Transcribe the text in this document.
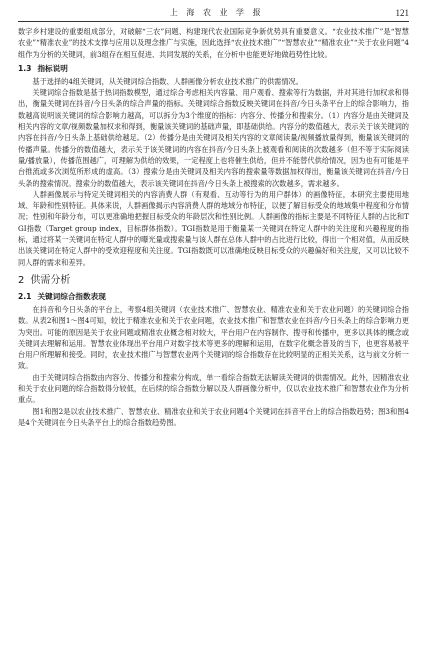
上 海 农 业 学 报	121

数字乡村建设的重要组成部分，对破解“三农”问题、构建现代农业国际竞争新优势具有重要意义。“农业技术推广”是“智慧农业”“精准农业”的技术支撑与应用以及理念推广与实施，因此选择“农业技术推广”“智慧农业”“精准农业”“关于农业问题”4组作为分析的关键词，前3组存在相互促进、共同发展的关系，在分析中也能更好地做趋势性比较。

1.3 指标说明

基于选择的4组关键词，从关键词综合指数、人群画像分析农业技术推广的供需情况。

关键词综合指数是基于热词指数模型，通过综合考虑相关内容量、用户观看、搜索等行为数据，并对其进行加权求和得出，衡量关键词在抖音/今日头条的综合声量的指标。关键词综合指数反映关键词在抖音/今日头条平台上的综合影响力，指数越高说明该关键词的综合影响力越高，可以拆分为3个维度的指标：内容分、传播分和搜索分。（1）内容分是由关键词及相关内容的文章/视频数量加权求和得到，衡量该关键词的基础声量，即基础供给。内容分的数值越大，表示关于该关键词的内容在抖音/今日头条上基础供给越足。（2）传播分是由关键词及相关内容的文章阅读量/视频播放量得到，衡量该关键词的传播声量。传播分的数值越大，表示关于该关键词的内容在抖音/今日头条上被观看和阅读的次数越多（但不等于实际阅读量/播放量），传播范围越广，可理解为供给的效果，一定程度上也将催生供给，但并不能替代供给情况，因为也有可能是平台推流或多次浏览所形成的虚高。（3）搜索分是由关键词及相关内容的搜索量等数据加权得出，衡量该关键词在抖音/今日头条的搜索情况。搜索分的数值越大，表示该关键词在抖音/今日头条上被搜索的次数越多，需求越多。

人群画像展示与特定关键词相关的内容消费人群（有观看、互动等行为的用户群体）的画像特征，本研究主要使用地域、年龄和性别特征。具体来说，人群画像揭示内容消费人群的地域分布特征，以便了解目标受众的地域集中程度和分布情况；性别和年龄分布，可以更准确地把握目标受众的年龄层次和性别比例。人群画像的指标主要是不同特征人群的占比和TGI指数（Target group index，目标群体指数）。TGI指数是用于衡量某一关键词在特定人群中的关注度和兴趣程度的指标，通过将某一关键词在特定人群中的曝光量或搜索量与该人群在总体人群中的占比进行比较，得出一个相对值，从而反映出该关键词在特定人群中的受欢迎程度和关注度。TGI指数既可以准确地反映目标受众的兴趣偏好和关注度，又可以比较不同人群的需求和差异。

2 供需分析
2.1 关键词综合指数表现

在抖音和今日头条的平台上，考察4组关键词（农业技术推广、智慧农业、精准农业和关于农业问题）的关键词综合指数。从表2和图1～图4可知，较比于精准农业和关于农业问题，农业技术推广和智慧农业在抖音/今日头条上的综合影响力更为突出。可能的原因是关于农业问题或精准农业概念相对较大，平台用户在内容制作、搜寻和传播中，更多以具体的概念或关键词去理解和运用。智慧农业体现出平台用户对数字技术等更多的理解和运用，在数字化概念普及的当下，也更容易被平台用户所理解和接受。同时，农业技术推广与智慧农业两个关键词的综合指数存在比较明显的正相关关系，这与前文分析一致。

由于关键词综合指数由内容分、传播分和搜索分构成，单一看综合指数无法解读关键词的供需情况。此外，因精准农业和关于农业问题的综合指数得分较低，在后续的综合指数分解以及人群画像分析中，仅以农业技术推广和智慧农业作为分析重点。

图1和图2是以农业技术推广、智慧农业、精准农业和关于农业问题4个关键词在抖音平台上的综合指数趋势；图3和图4是4个关键词在今日头条平台上的综合指数趋势图。
